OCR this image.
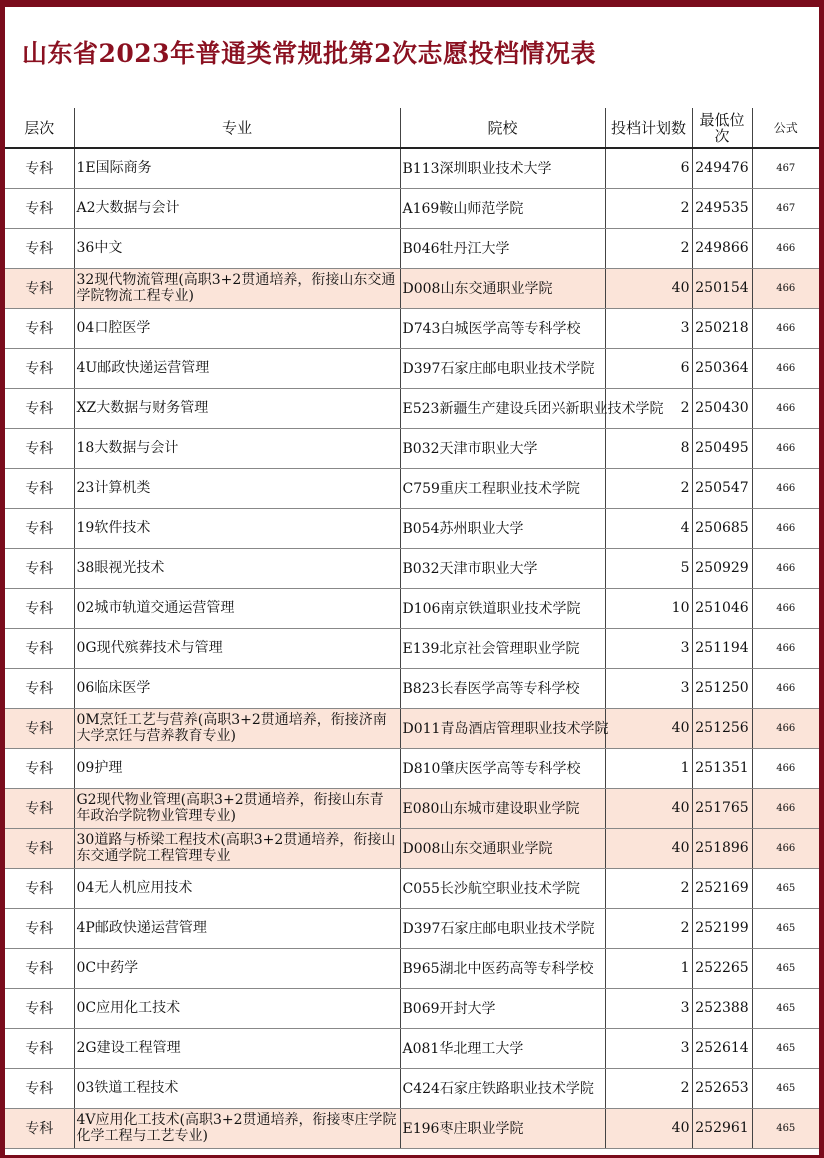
山东省2023年普通类常规批第2次志愿投档情况表
层次	专业	院校	投档计划数	最低位次	公式
专科	1E国际商务	B113深圳职业技术大学	6	249476	467
专科	A2大数据与会计	A169鞍山师范学院	2	249535	467
专科	36中文	B046牡丹江大学	2	249866	466
专科	32现代物流管理(高职3+2贯通培养，衔接山东交通学院物流工程专业)	D008山东交通职业学院	40	250154	466
专科	04口腔医学	D743白城医学高等专科学校	3	250218	466
专科	4U邮政快递运营管理	D397石家庄邮电职业技术学院	6	250364	466
专科	XZ大数据与财务管理	E523新疆生产建设兵团兴新职业技术学院	2	250430	466
专科	18大数据与会计	B032天津市职业大学	8	250495	466
专科	23计算机类	C759重庆工程职业技术学院	2	250547	466
专科	19软件技术	B054苏州职业大学	4	250685	466
专科	38眼视光技术	B032天津市职业大学	5	250929	466
专科	02城市轨道交通运营管理	D106南京铁道职业技术学院	10	251046	466
专科	0G现代殡葬技术与管理	E139北京社会管理职业学院	3	251194	466
专科	06临床医学	B823长春医学高等专科学校	3	251250	466
专科	0M烹饪工艺与营养(高职3+2贯通培养，衔接济南大学烹饪与营养教育专业)	D011青岛酒店管理职业技术学院	40	251256	466
专科	09护理	D810肇庆医学高等专科学校	1	251351	466
专科	G2现代物业管理(高职3+2贯通培养，衔接山东青年政治学院物业管理专业)	E080山东城市建设职业学院	40	251765	466
专科	30道路与桥梁工程技术(高职3+2贯通培养，衔接山东交通学院工程管理专业	D008山东交通职业学院	40	251896	466
专科	04无人机应用技术	C055长沙航空职业技术学院	2	252169	465
专科	4P邮政快递运营管理	D397石家庄邮电职业技术学院	2	252199	465
专科	0C中药学	B965湖北中医药高等专科学校	1	252265	465
专科	0C应用化工技术	B069开封大学	3	252388	465
专科	2G建设工程管理	A081华北理工大学	3	252614	465
专科	03铁道工程技术	C424石家庄铁路职业技术学院	2	252653	465
专科	4V应用化工技术(高职3+2贯通培养，衔接枣庄学院化学工程与工艺专业)	E196枣庄职业学院	40	252961	465
